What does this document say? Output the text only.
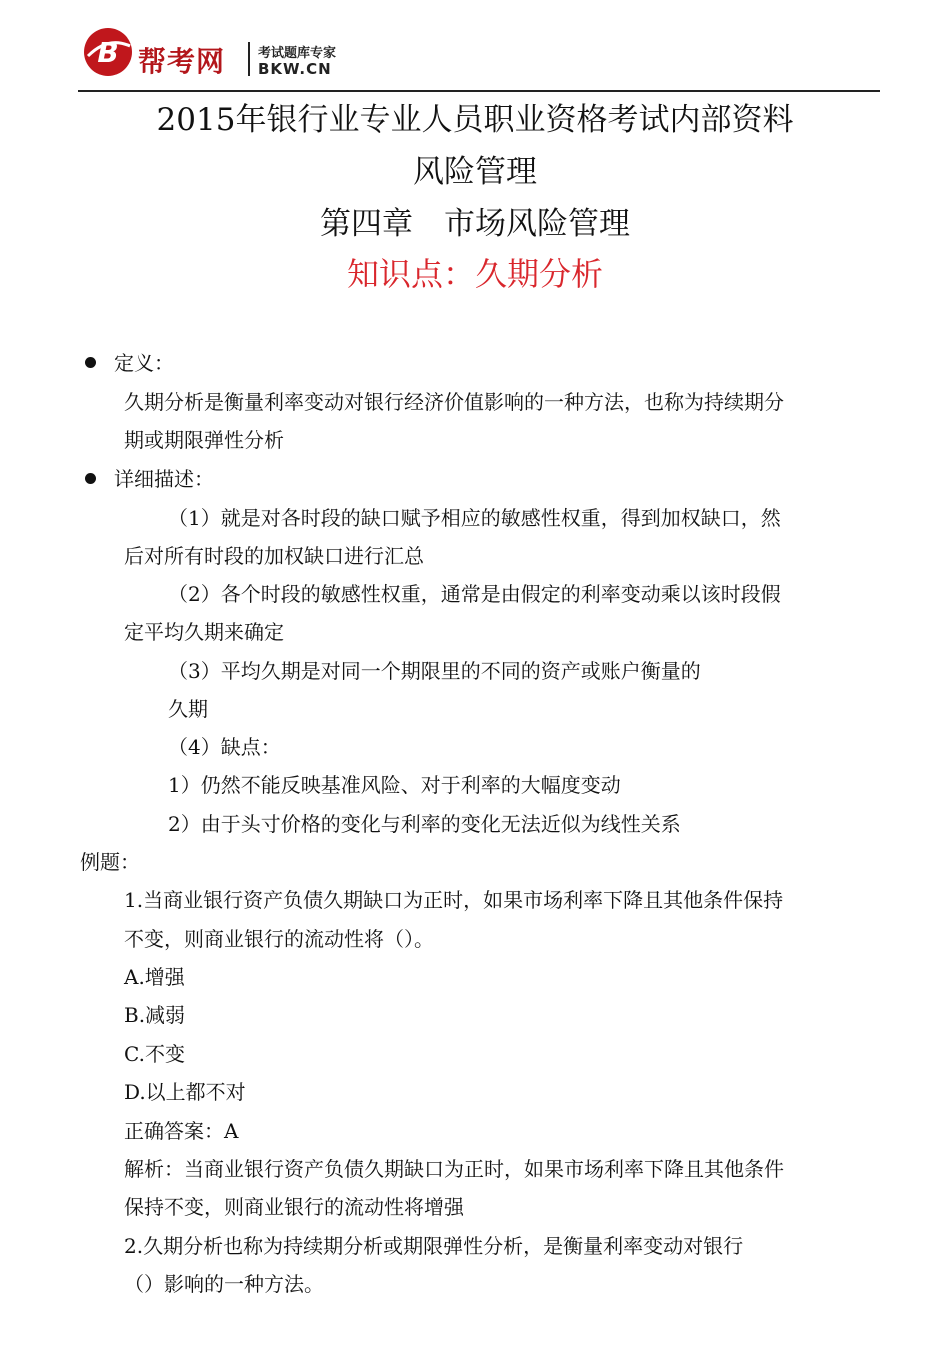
B 帮考网	考试题库专家
BKW.CN
2015年银行业专业人员职业资格考试内部资料
风险管理
第四章　市场风险管理
知识点：久期分析
定义：
久期分析是衡量利率变动对银行经济价值影响的一种方法，也称为持续期分
期或期限弹性分析
详细描述：
（1）就是对各时段的缺口赋予相应的敏感性权重，得到加权缺口，然
后对所有时段的加权缺口进行汇总
（2）各个时段的敏感性权重，通常是由假定的利率变动乘以该时段假
定平均久期来确定
（3）平均久期是对同一个期限里的不同的资产或账户衡量的
久期
（4）缺点：
1）仍然不能反映基准风险、对于利率的大幅度变动
2）由于头寸价格的变化与利率的变化无法近似为线性关系
例题：
1.当商业银行资产负债久期缺口为正时，如果市场利率下降且其他条件保持
不变，则商业银行的流动性将（）。
A.增强
B.减弱
C.不变
D.以上都不对
正确答案：A
解析：当商业银行资产负债久期缺口为正时，如果市场利率下降且其他条件
保持不变，则商业银行的流动性将增强
2.久期分析也称为持续期分析或期限弹性分析，是衡量利率变动对银行
（）影响的一种方法。
